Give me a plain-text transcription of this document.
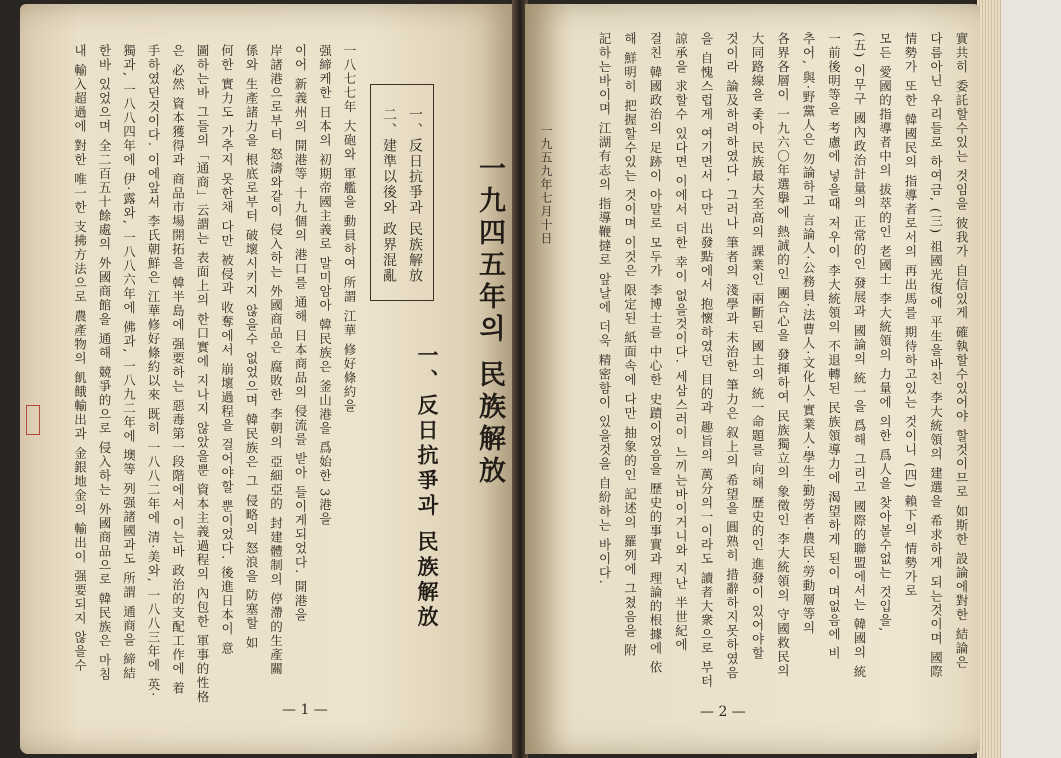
一九四五年의 民族解放
一、反日抗爭과 民族解放
一、反日抗爭과 民族解放
二、建準以後와 政界混亂
一八七七年 大砲와 軍艦을 動員하여 所謂 江華 修好條約을
强締케한 日本의 初期帝國主義로 말미암아 韓民族은 釜山港을 爲始한 3港을
이어 新義州의 開港等 十九個의 港口를 通해 日本商品의 侵流를 받아 들이게되었다. 開港을
岸諸港으로부터 怒濤와같이 侵入하는 外國商品은 腐敗한 李朝의 亞細亞的 封建體制의 停滯的生產關
係와 生產諸力을 根底로부터 破壞시키지 않을수 없었으며 韓民族은 그 侵略의 怒浪을 防塞할 如
何한 實力도 가추지 못한채 다만 被侵과 收奪에서 崩壞過程을 걸어야할 뿐이었다. 後進日本이 意
圖하는바 그들의「通商」云謂는 表面上의 한口實에 지나지 않았을뿐 資本主義過程의 內包한 軍事的性格
은 必然 資本獲得과 商品市場開拓을 韓半島에 强要하는 惡毒第一段階에서 이는바 政治的支配工作에 着
手하였던것이다. 이에앞서 李氏朝鮮은 江華修好條約以來 既히 一八八二年에 清·美와, 一八八三年에 英·
獨과, 一八八四年에 伊·露와, 一八八六年에 佛과, 一八九二年에 墺等 列强諸國과도 所謂 通商을 締結
한바 있었으며 全二百五十餘處의 外國商館을 通해 競爭的으로 侵入하는 外國商品으로 韓民族은 마침
내 輸入超過에 對한 唯一한 支拂方法으로 農產物의 飢餓輸出과 金銀地金의 輸出이 强要되지 않을수
— 1 —
實共히 委託할수있는 것임을 彼我가 自信있게 確執할수있어야 할것이므로 如斯한 設論에對한 結論은
다름아닌 우리들로 하여금, (三) 祖國光復에 平生을바친 李大統領의 建選을 希求하게 되는것이며 國際
情勢가 또한 韓國民의 指導者로서의 再出馬를 期待하고있는 것이니 (四) 賴下의 情勢가로
모든 愛國的指導者中의 拔萃的인 老國士 李大統領의 力量에 의한 爲人을 찾아볼수없는 것입을,
(五) 이무구 國內政治計量의 正常的인 發展과 國論의 統一을 爲해 그리고 國際的聯盟에서는 韓國의 統
一前後明等을 考慮에 넣을때 저우이 李大統領의 不退轉된 民族領導力에 渴望하게 된이 며없음에 비
추어, 與·野黨人은 勿論하고 言論人·公務員·法曹人·文化人·實業人·學生·勤勞者·農民·勞動層等의
各界各層이 一九六〇年選擧에 熱誠的인 團合心을 發揮하여 民族獨立의 象徵인 李大統領의 守國救民의
大同路線을 좇아 民族最大至高의 課業인 兩斷된 國土의 統一命題를 向해 歷史的인 進發이 있어야할
것이라 論及하려하였다. 그러나 筆者의 淺學과 未治한 筆力은 叙上의 希望을 圓熟히 措辭하지못하였음
을 自愧스럽게 여기면서 다만 出發點에서 抱懷하였던 目的과 趣旨의 萬分의一이라도 讀者大衆으로 부터
諒承을 求할수 있다면 이에서 더한 幸이 없을것이다. 세삼스러이 느끼는바이거니와 지난 半世紀에
걸친 韓國政治의 足跡이 아말로 모두가 李博士를 中心한 史蹟이었음을 歷史的事實과 理論的根據에 依
해 鮮明히 把握할수있는 것이며 이것은 限定된 紙面속에 다만 抽象的인 記述의 羅列에 그쳤음을 附
記하는바이며 江湖有志의 指導鞭撻로 앞날에 더욱 精密함이 있을것을 自紛하는 바이다.
一九五九年七月十日
— 2 —
